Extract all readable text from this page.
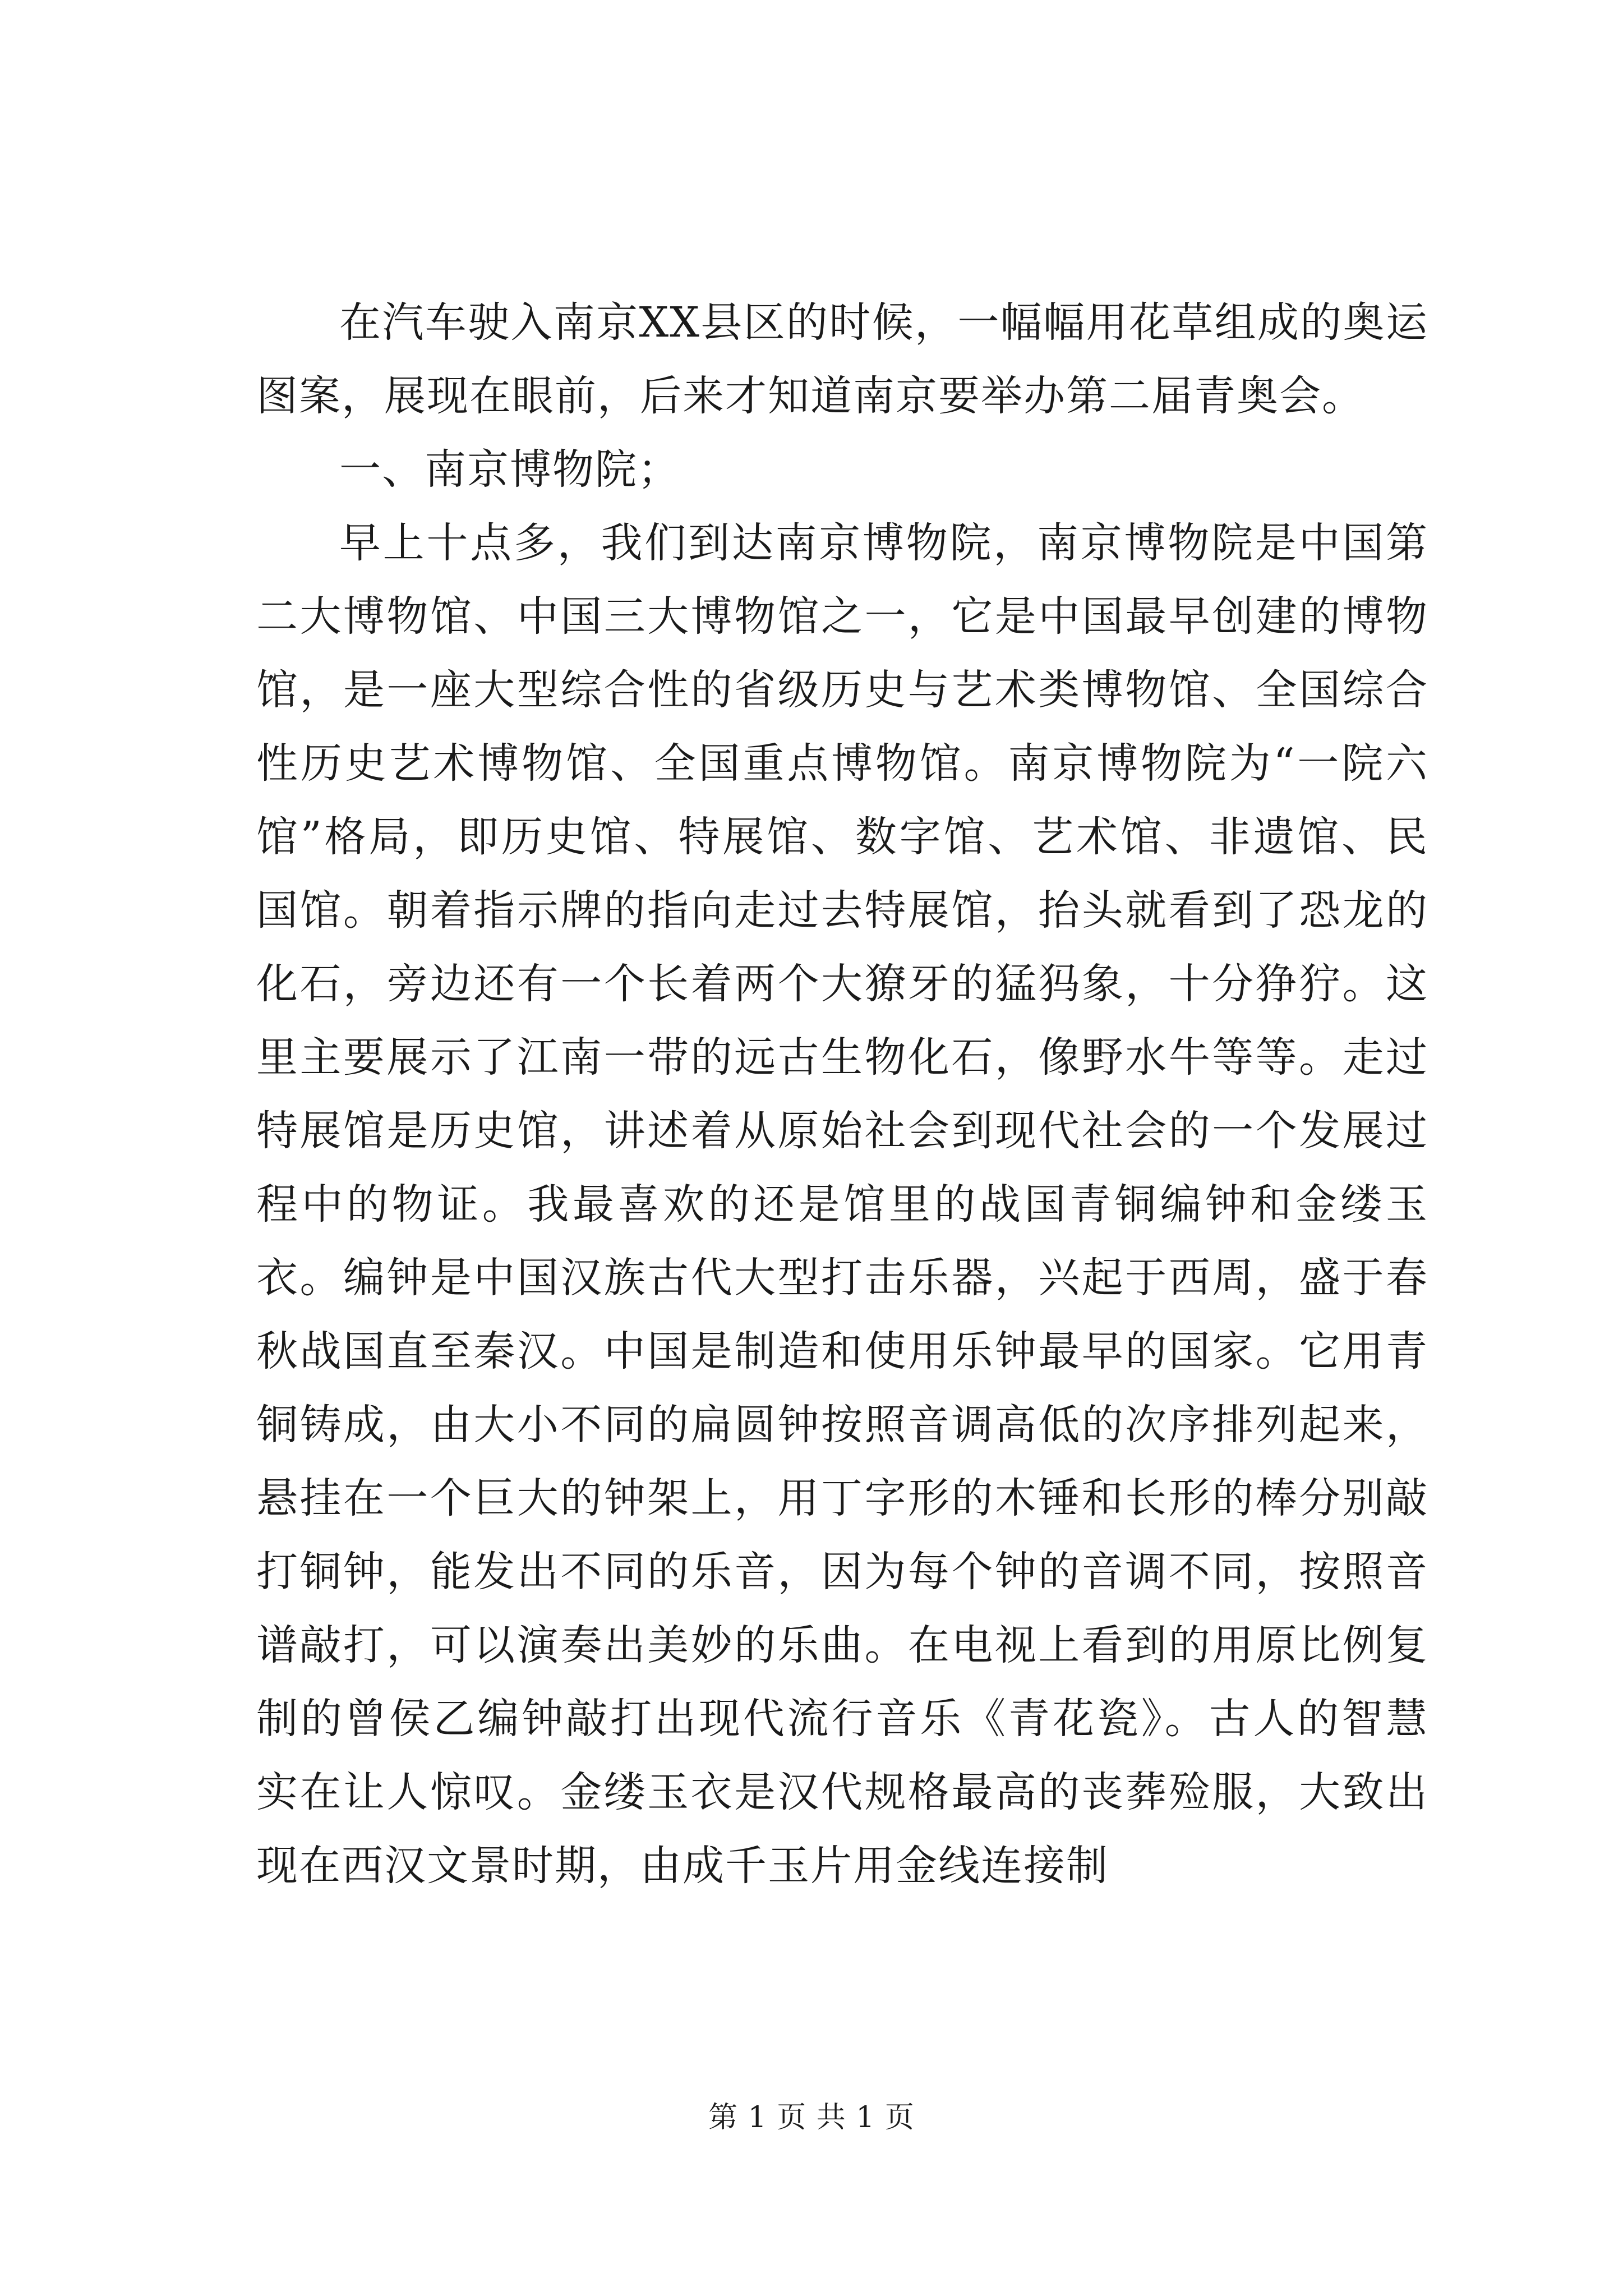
在汽车驶入南京XX县区的时候，一幅幅用花草组成的奥运图案，展现在眼前，后来才知道南京要举办第二届青奥会。

一、南京博物院；

早上十点多，我们到达南京博物院，南京博物院是中国第二大博物馆、中国三大博物馆之一，它是中国最早创建的博物馆，是一座大型综合性的省级历史与艺术类博物馆、全国综合性历史艺术博物馆、全国重点博物馆。南京博物院为“一院六馆”格局，即历史馆、特展馆、数字馆、艺术馆、非遗馆、民国馆。朝着指示牌的指向走过去特展馆，抬头就看到了恐龙的化石，旁边还有一个长着两个大獠牙的猛犸象，十分狰狞。这里主要展示了江南一带的远古生物化石，像野水牛等等。走过特展馆是历史馆，讲述着从原始社会到现代社会的一个发展过程中的物证。我最喜欢的还是馆里的战国青铜编钟和金缕玉衣。编钟是中国汉族古代大型打击乐器，兴起于西周，盛于春秋战国直至秦汉。中国是制造和使用乐钟最早的国家。它用青铜铸成，由大小不同的扁圆钟按照音调高低的次序排列起来，悬挂在一个巨大的钟架上，用丁字形的木锤和长形的棒分别敲打铜钟，能发出不同的乐音，因为每个钟的音调不同，按照音谱敲打，可以演奏出美妙的乐曲。在电视上看到的用原比例复制的曾侯乙编钟敲打出现代流行音乐《青花瓷》。古人的智慧实在让人惊叹。金缕玉衣是汉代规格最高的丧葬殓服，大致出现在西汉文景时期，由成千玉片用金线连接制

第 1 页 共 1 页
